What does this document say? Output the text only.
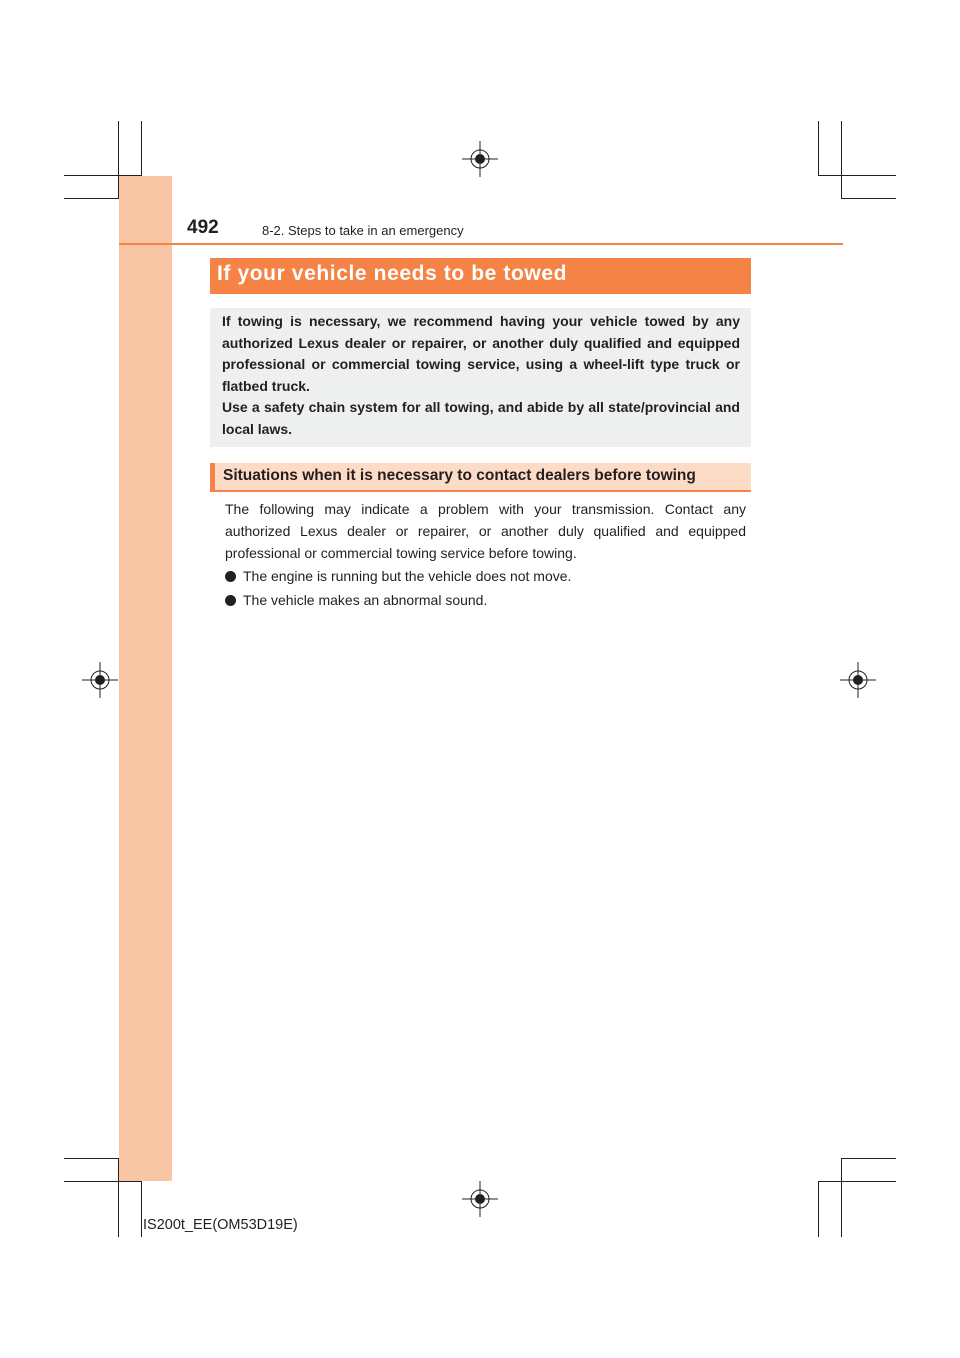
492	8-2. Steps to take in an emergency
If your vehicle needs to be towed

If towing is necessary, we recommend having your vehicle towed by any authorized Lexus dealer or repairer, or another duly qualified and equipped professional or commercial towing service, using a wheel-lift type truck or flatbed truck.

Use a safety chain system for all towing, and abide by all state/provincial and local laws.

Situations when it is necessary to contact dealers before towing

The following may indicate a problem with your transmission. Contact any authorized Lexus dealer or repairer, or another duly qualified and equipped professional or commercial towing service before towing.

The engine is running but the vehicle does not move.
The vehicle makes an abnormal sound.
IS200t_EE(OM53D19E)
